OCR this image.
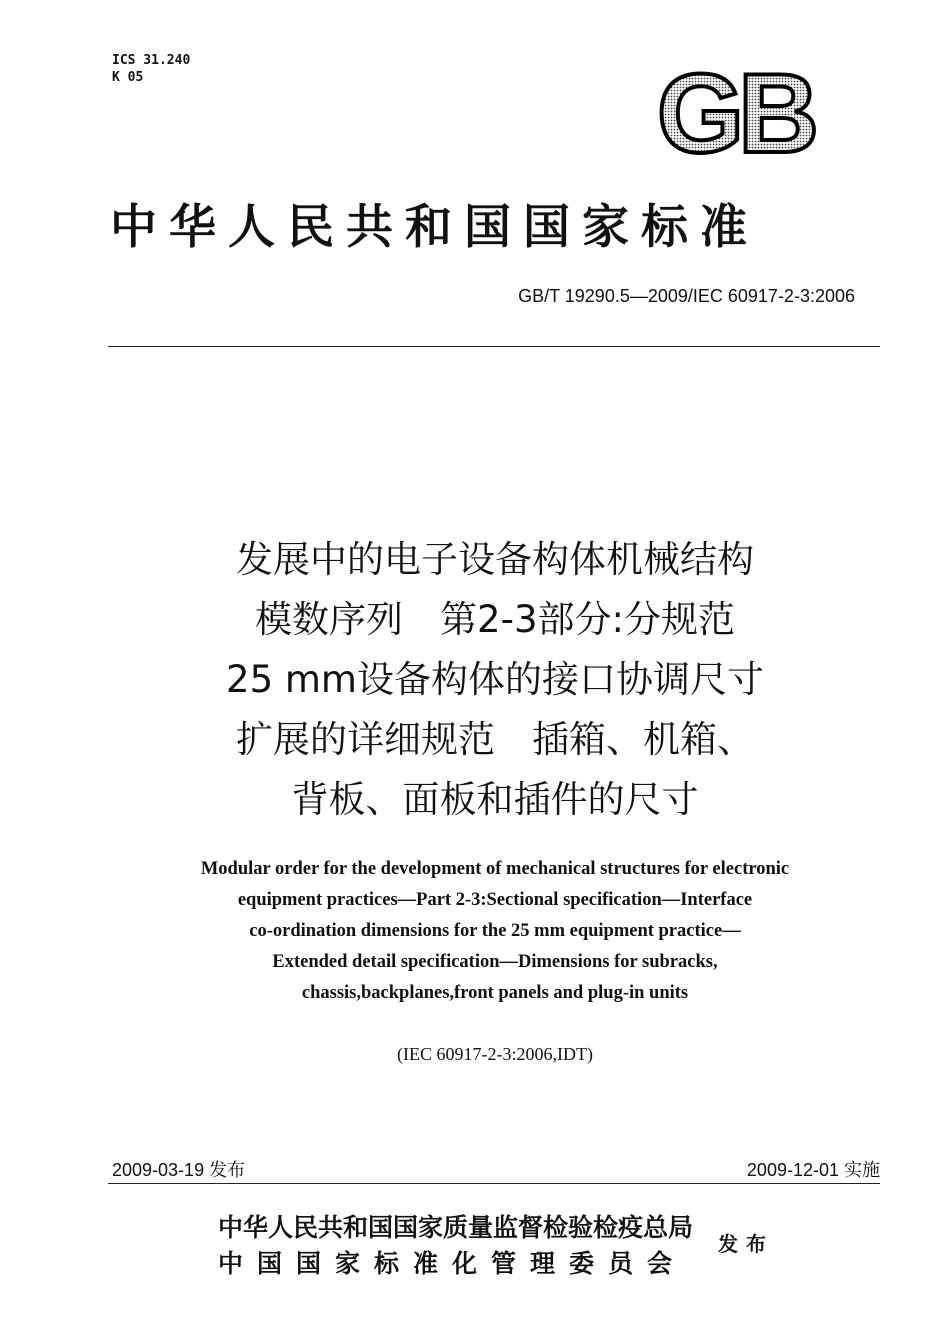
ICS 31.240
K 05	GB
中华人民共和国国家标准
GB/T 19290.5—2009/IEC 60917-2-3:2006
发展中的电子设备构体机械结构
模数序列　第2-3部分:分规范
25 mm设备构体的接口协调尺寸
扩展的详细规范　插箱、机箱、
背板、面板和插件的尺寸
Modular order for the development of mechanical structures for electronic
equipment practices—Part 2-3:Sectional specification—Interface
co-ordination dimensions for the 25 mm equipment practice—
Extended detail specification—Dimensions for subracks,
chassis,backplanes,front panels and plug-in units
(IEC 60917-2-3:2006,IDT)
2009-03-19 发布	2009-12-01 实施
中华人民共和国国家质量监督检验检疫总局
中国国家标准化管理委员会
发布
